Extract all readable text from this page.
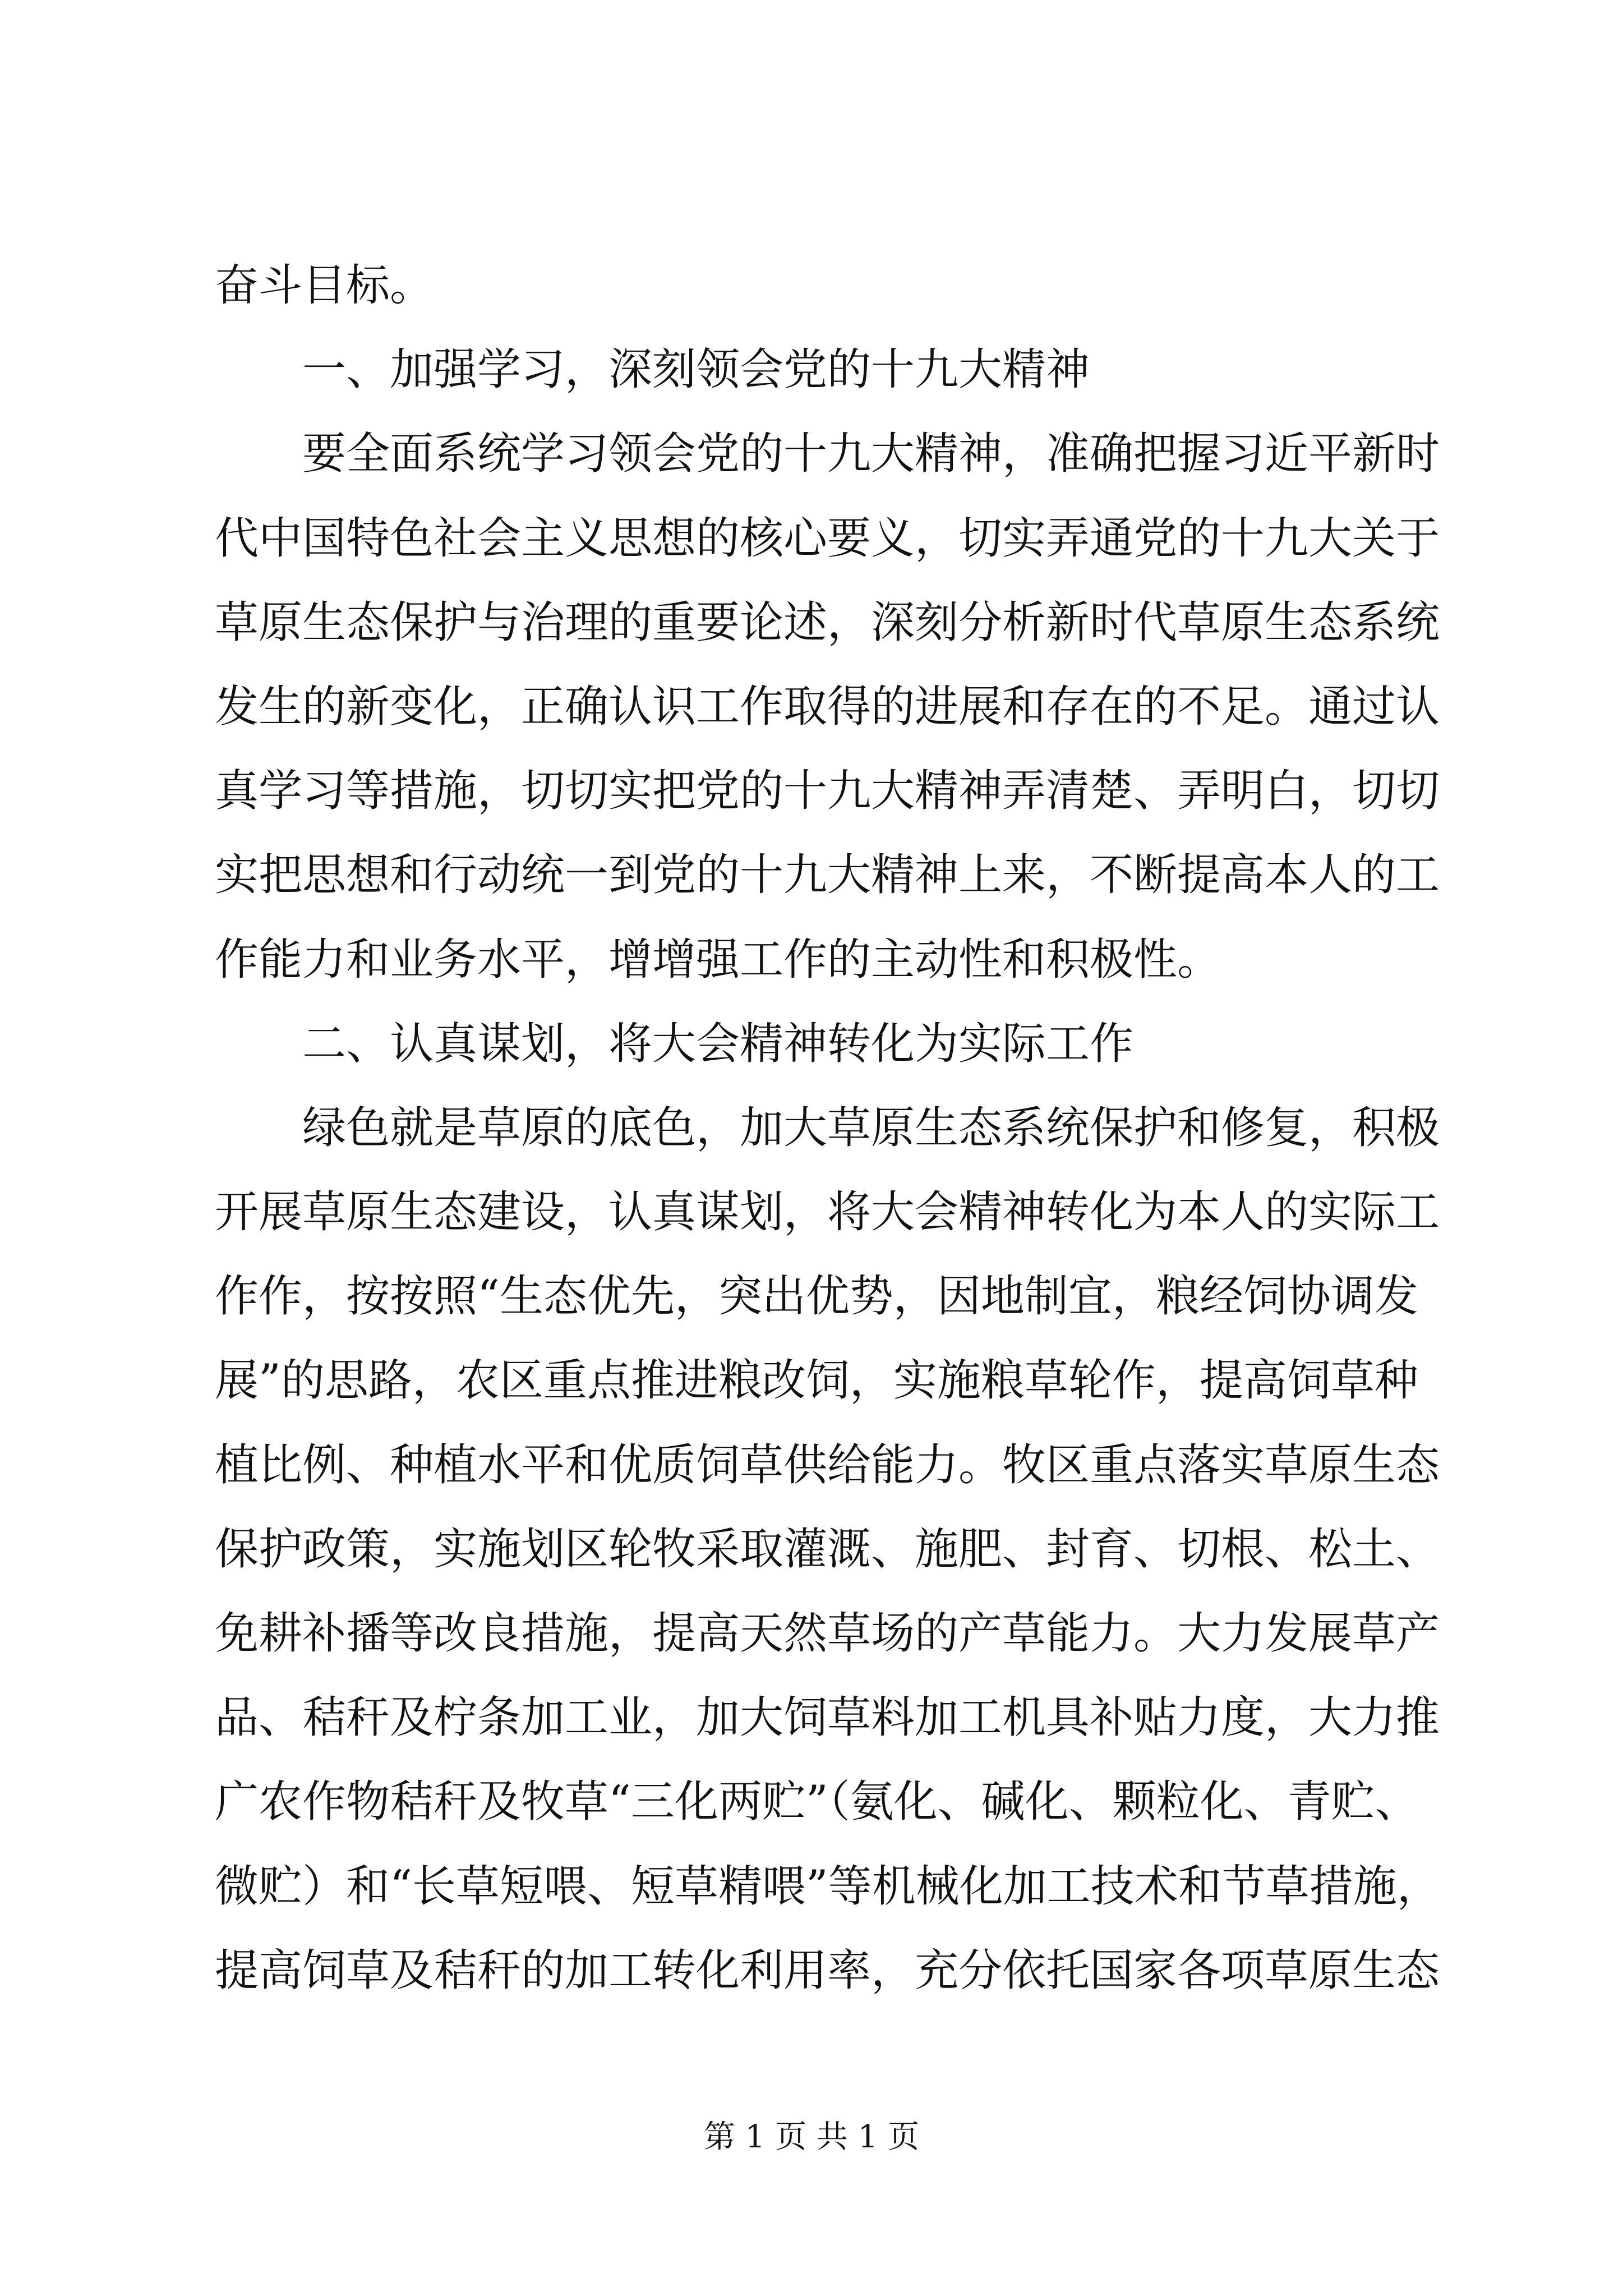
奋斗目标。
一、加强学习，深刻领会党的十九大精神
要全面系统学习领会党的十九大精神，准确把握习近平新时
代中国特色社会主义思想的核心要义，切实弄通党的十九大关于
草原生态保护与治理的重要论述，深刻分析新时代草原生态系统
发生的新变化，正确认识工作取得的进展和存在的不足。通过认
真学习等措施，切切实把党的十九大精神弄清楚、弄明白，切切
实把思想和行动统一到党的十九大精神上来，不断提高本人的工
作能力和业务水平，增增强工作的主动性和积极性。
二、认真谋划，将大会精神转化为实际工作
绿色就是草原的底色，加大草原生态系统保护和修复，积极
开展草原生态建设，认真谋划，将大会精神转化为本人的实际工
作作，按按照“生态优先，突出优势，因地制宜，粮经饲协调发
展”的思路，农区重点推进粮改饲，实施粮草轮作，提高饲草种
植比例、种植水平和优质饲草供给能力。牧区重点落实草原生态
保护政策，实施划区轮牧采取灌溉、施肥、封育、切根、松土、
免耕补播等改良措施，提高天然草场的产草能力。大力发展草产
品、秸秆及柠条加工业，加大饲草料加工机具补贴力度，大力推
广农作物秸秆及牧草“三化两贮”（氨化、碱化、颗粒化、青贮、
微贮）和“长草短喂、短草精喂”等机械化加工技术和节草措施，
提高饲草及秸秆的加工转化利用率，充分依托国家各项草原生态
第 1 页 共 1 页
